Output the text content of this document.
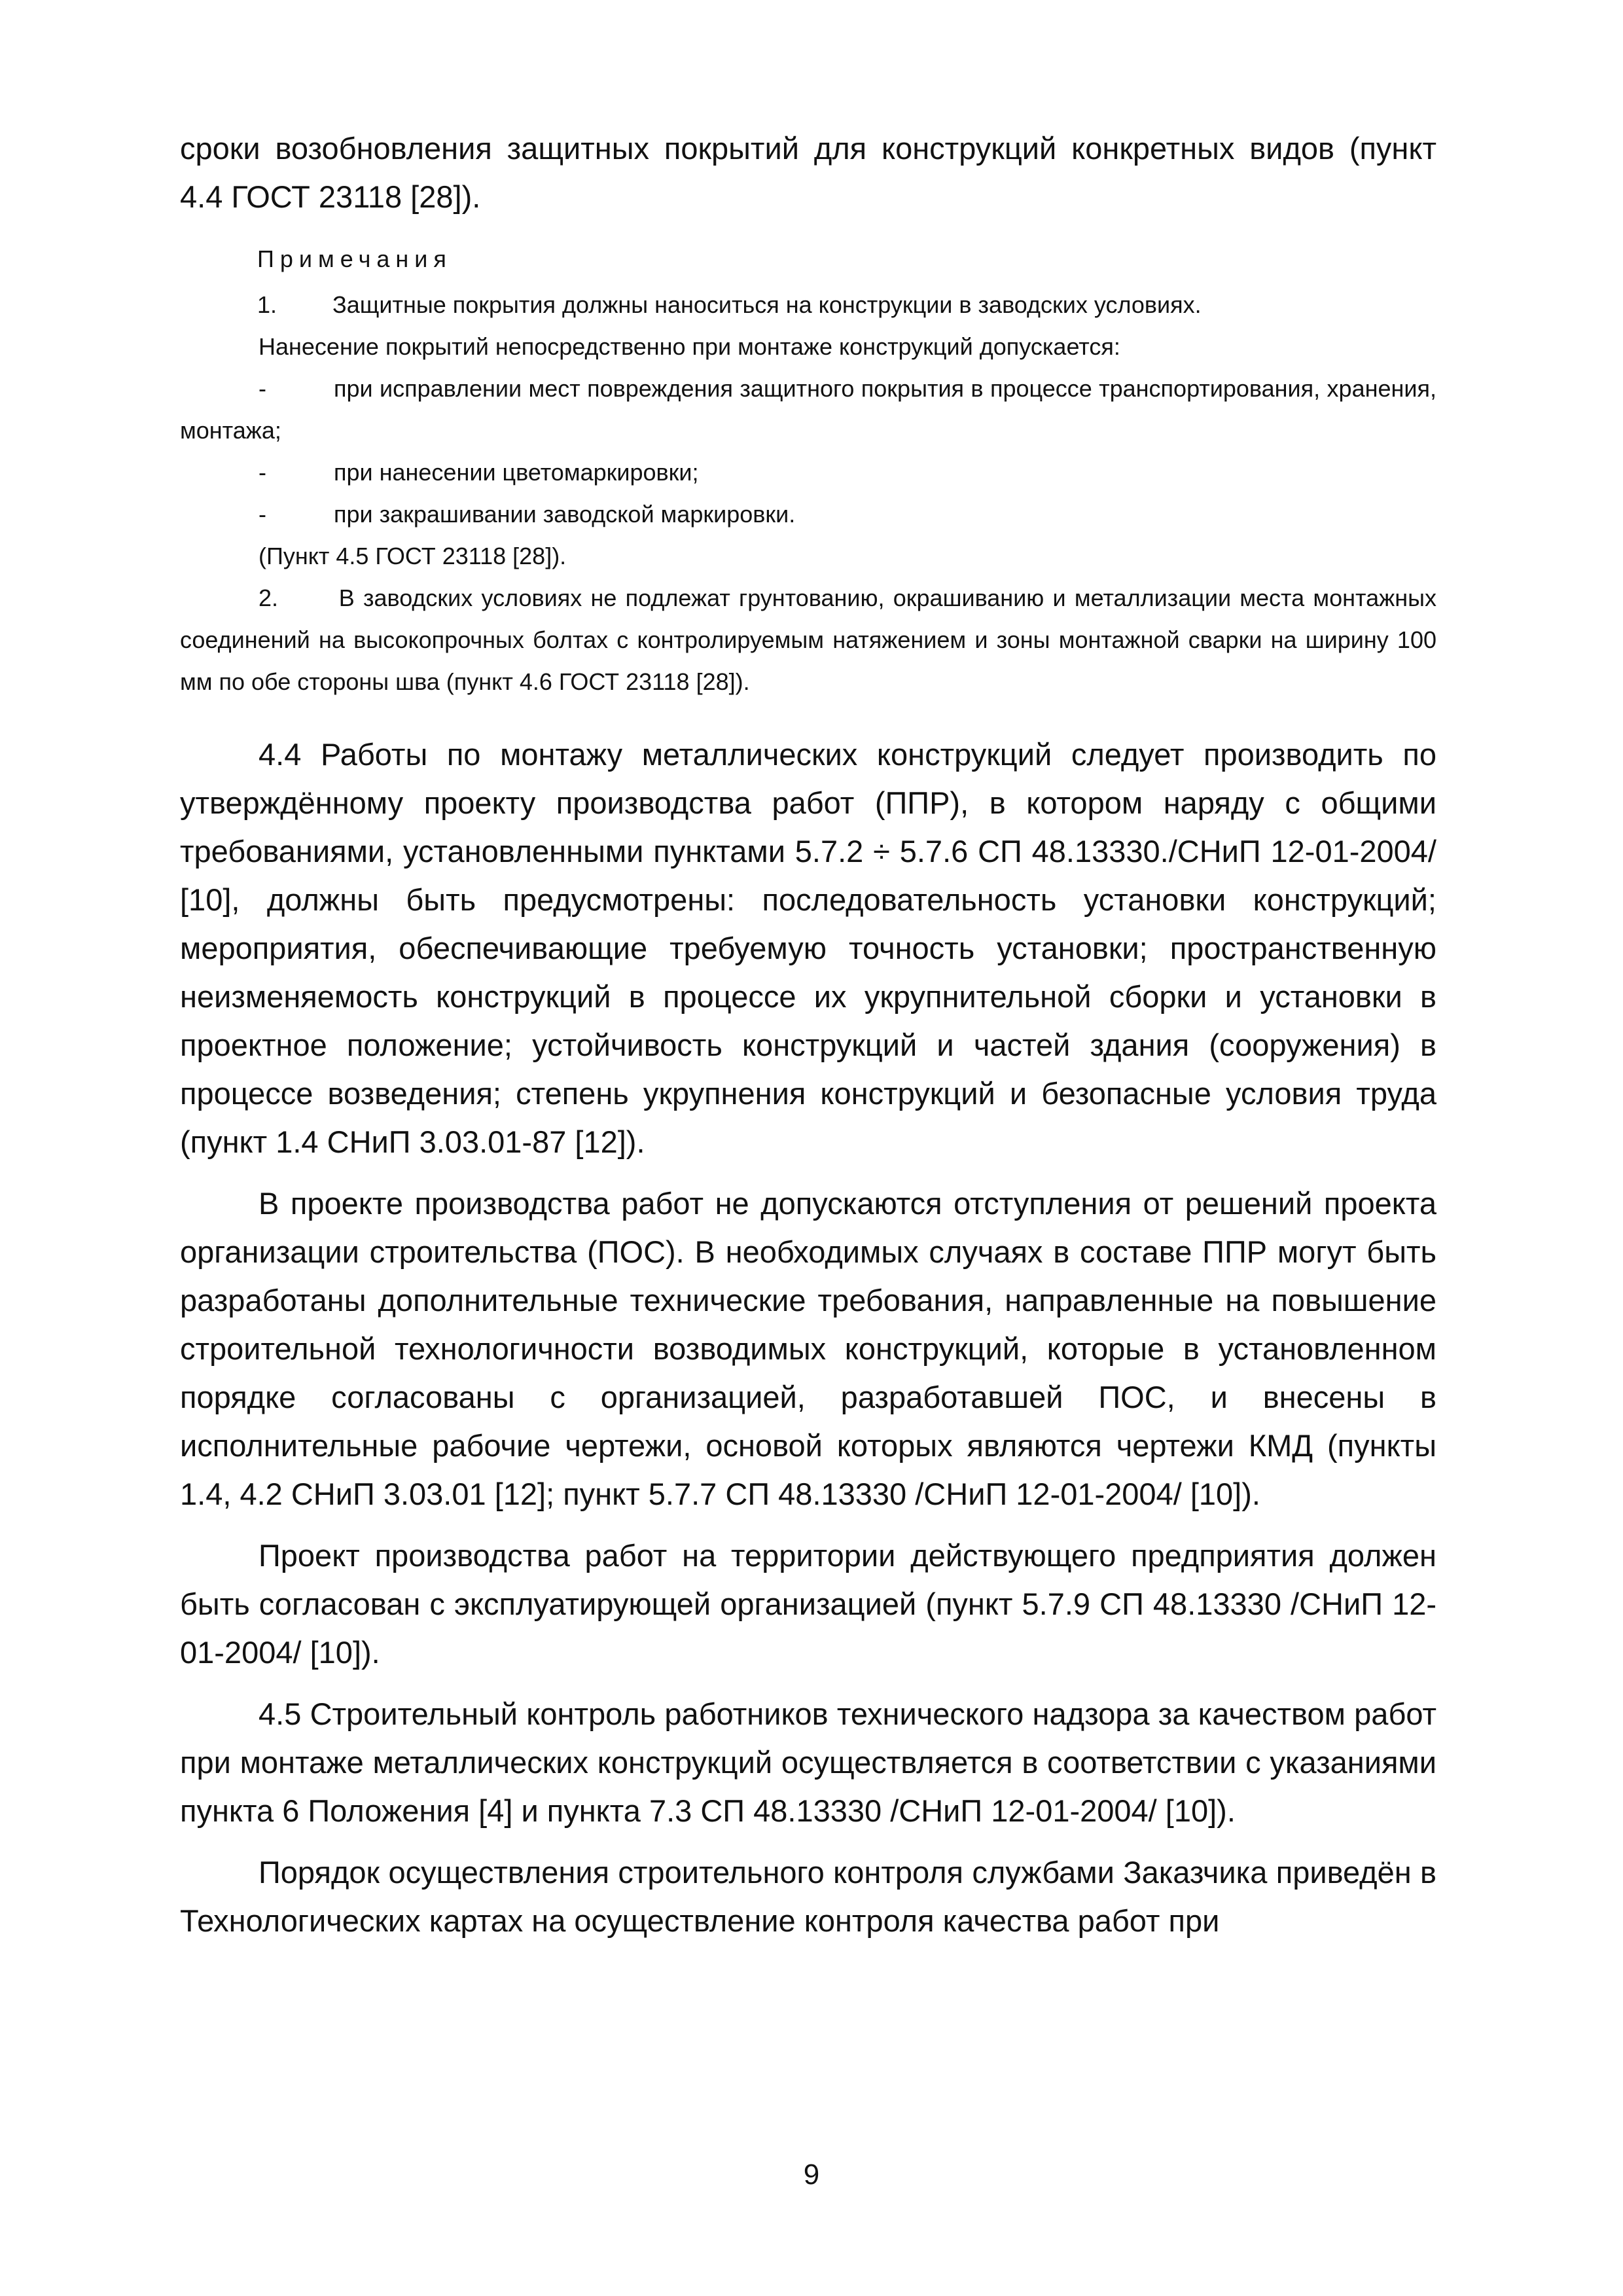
сроки возобновления защитных покрытий для конструкций конкретных видов (пункт 4.4 ГОСТ 23118 [28]).

Примечания
1.	Защитные покрытия должны наноситься на конструкции в заводских условиях.

Нанесение покрытий непосредственно при монтаже конструкций допускается:

-	при исправлении мест повреждения защитного покрытия в процессе транспортирования, хранения, монтажа;

-	при нанесении цветомаркировки;

-	при закрашивании заводской маркировки.

(Пункт 4.5 ГОСТ 23118 [28]).

2.	В заводских условиях не подлежат грунтованию, окрашиванию и металлизации места монтажных соединений на высокопрочных болтах с контролируемым натяжением и зоны монтажной сварки на ширину 100 мм по обе стороны шва (пункт 4.6 ГОСТ 23118 [28]).

4.4 Работы по монтажу металлических конструкций следует производить по утверждённому проекту производства работ (ППР), в котором наряду с общими требованиями, установленными пунктами 5.7.2 ÷ 5.7.6 СП 48.13330./СНиП 12-01-2004/ [10], должны быть предусмотрены: последовательность установки конструкций; мероприятия, обеспечивающие требуемую точность установки; пространственную неизменяемость конструкций в процессе их укрупнительной сборки и установки в проектное положение; устойчивость конструкций и частей здания (сооружения) в процессе возведения; степень укрупнения конструкций и безопасные условия труда (пункт 1.4 СНиП 3.03.01-87 [12]).

В проекте производства работ не допускаются отступления от решений проекта организации строительства (ПОС). В необходимых случаях в составе ППР могут быть разработаны дополнительные технические требования, направленные на повышение строительной технологичности возводимых конструкций, которые в установленном порядке согласованы с организацией, разработавшей ПОС, и внесены в исполнительные рабочие чертежи, основой которых являются чертежи КМД (пункты 1.4, 4.2 СНиП 3.03.01 [12]; пункт 5.7.7 СП 48.13330 /СНиП 12-01-2004/ [10]).

Проект производства работ на территории действующего предприятия должен быть согласован с эксплуатирующей организацией (пункт 5.7.9 СП 48.13330 /СНиП 12-01-2004/ [10]).

4.5 Строительный контроль работников технического надзора за качеством работ при монтаже металлических конструкций осуществляется в соответствии с указаниями пункта 6 Положения [4] и пункта 7.3 СП 48.13330 /СНиП 12-01-2004/ [10]).

Порядок осуществления строительного контроля службами Заказчика приведён в Технологических картах на осуществление контроля качества работ при

9
